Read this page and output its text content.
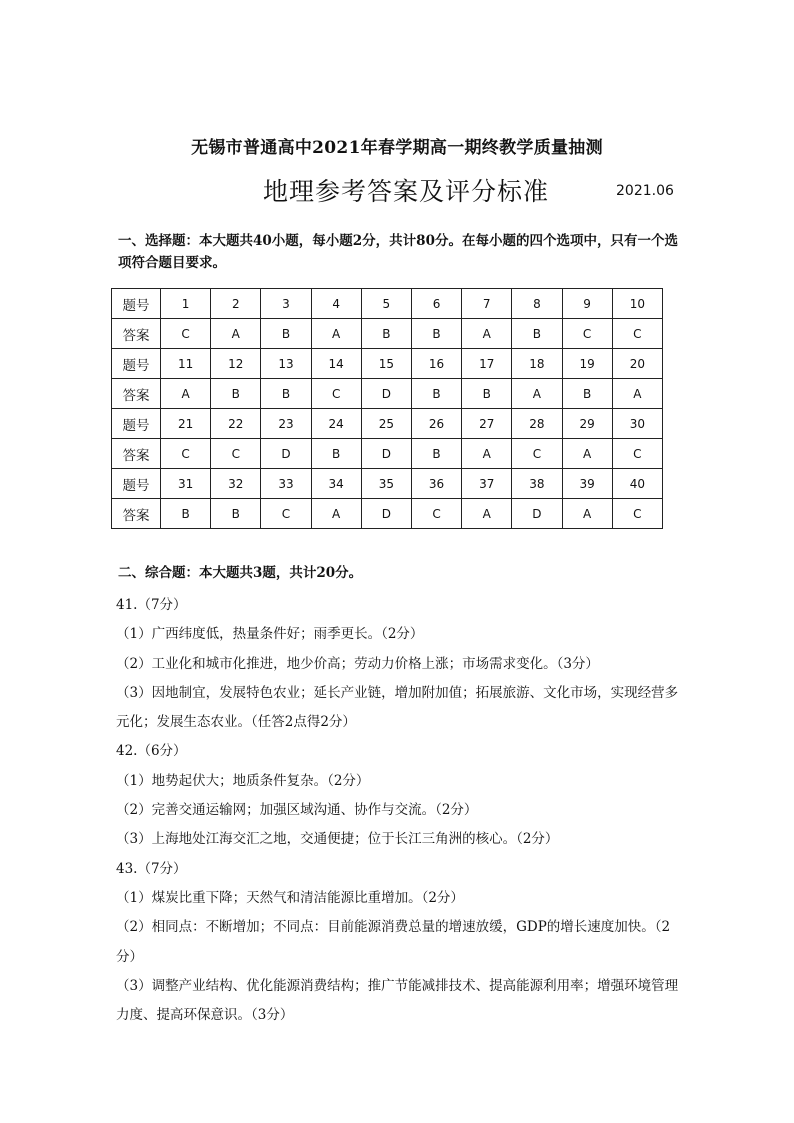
无锡市普通高中2021年春学期高一期终教学质量抽测
地理参考答案及评分标准	2021.06
一、选择题：本大题共40小题，每小题2分，共计80分。在每小题的四个选项中，只有一个选项符合题目要求。
题号	1	2	3	4	5	6	7	8	9	10
答案	C	A	B	A	B	B	A	B	C	C
题号	11	12	13	14	15	16	17	18	19	20
答案	A	B	B	C	D	B	B	A	B	A
题号	21	22	23	24	25	26	27	28	29	30
答案	C	C	D	B	D	B	A	C	A	C
题号	31	32	33	34	35	36	37	38	39	40
答案	B	B	C	A	D	C	A	D	A	C
二、综合题：本大题共3题，共计20分。

41.（7分）

（1）广西纬度低，热量条件好；雨季更长。（2分）

（2）工业化和城市化推进，地少价高；劳动力价格上涨；市场需求变化。（3分）

（3）因地制宜，发展特色农业；延长产业链，增加附加值；拓展旅游、文化市场，实现经营多元化；发展生态农业。（任答2点得2分）

42.（6分）

（1）地势起伏大；地质条件复杂。（2分）

（2）完善交通运输网；加强区域沟通、协作与交流。（2分）

（3）上海地处江海交汇之地，交通便捷；位于长江三角洲的核心。（2分）

43.（7分）

（1）煤炭比重下降；天然气和清洁能源比重增加。（2分）

（2）相同点：不断增加；不同点：目前能源消费总量的增速放缓，GDP的增长速度加快。（2分）

（3）调整产业结构、优化能源消费结构；推广节能减排技术、提高能源利用率；增强环境管理力度、提高环保意识。（3分）
